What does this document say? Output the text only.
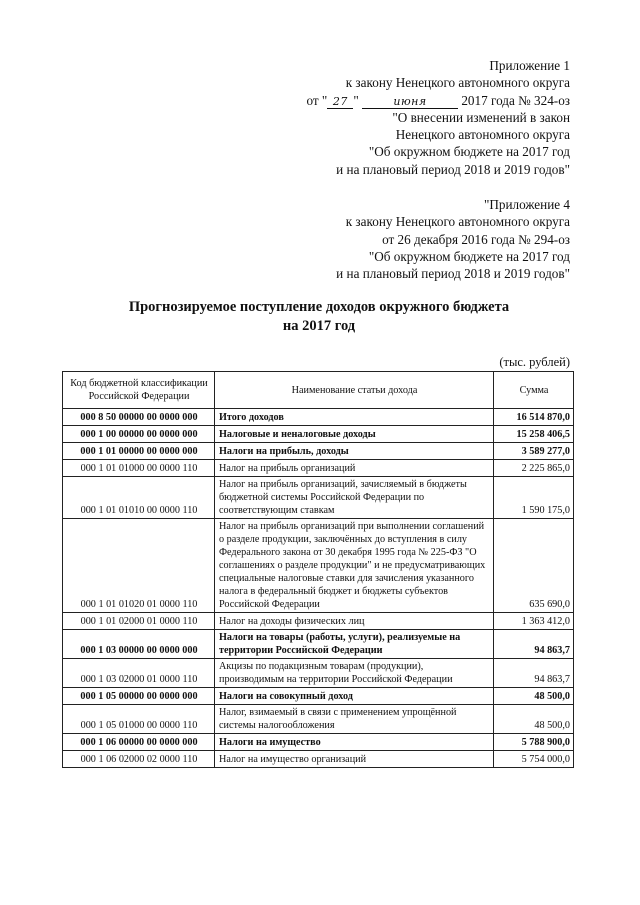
Приложение 1
к закону Ненецкого автономного округа
от " 27 "	июня 2017 года № 324-оз
"О внесении изменений в закон
Ненецкого автономного округа
"Об окружном бюджете на 2017 год
и на плановый период 2018 и 2019 годов"
"Приложение 4
к закону Ненецкого автономного округа
от 26 декабря 2016 года № 294-оз
"Об окружном бюджете на 2017 год
и на плановый период 2018 и 2019 годов"
Прогнозируемое поступление доходов окружного бюджета
на 2017 год
(тыс. рублей)
Код бюджетной классификации Российской Федерации	Наименование статьи дохода	Сумма
000 8 50 00000 00 0000 000	Итого доходов	16 514 870,0
000 1 00 00000 00 0000 000	Налоговые и неналоговые доходы	15 258 406,5
000 1 01 00000 00 0000 000	Налоги на прибыль, доходы	3 589 277,0
000 1 01 01000 00 0000 110	Налог на прибыль организаций	2 225 865,0
000 1 01 01010 00 0000 110	Налог на прибыль организаций, зачисляемый в бюджеты бюджетной системы Российской Федерации по соответствующим ставкам	1 590 175,0
000 1 01 01020 01 0000 110	Налог на прибыль организаций при выполнении соглашений о разделе продукции, заключённых до вступления в силу Федерального закона от 30 декабря 1995 года № 225-ФЗ "О соглашениях о разделе продукции" и не предусматривающих специальные налоговые ставки для зачисления указанного налога в федеральный бюджет и бюджеты субъектов Российской Федерации	635 690,0
000 1 01 02000 01 0000 110	Налог на доходы физических лиц	1 363 412,0
000 1 03 00000 00 0000 000	Налоги на товары (работы, услуги), реализуемые на территории Российской Федерации	94 863,7
000 1 03 02000 01 0000 110	Акцизы по подакцизным товарам (продукции), производимым на территории Российской Федерации	94 863,7
000 1 05 00000 00 0000 000	Налоги на совокупный доход	48 500,0
000 1 05 01000 00 0000 110	Налог, взимаемый в связи с применением упрощённой системы налогообложения	48 500,0
000 1 06 00000 00 0000 000	Налоги на имущество	5 788 900,0
000 1 06 02000 02 0000 110	Налог на имущество организаций	5 754 000,0
